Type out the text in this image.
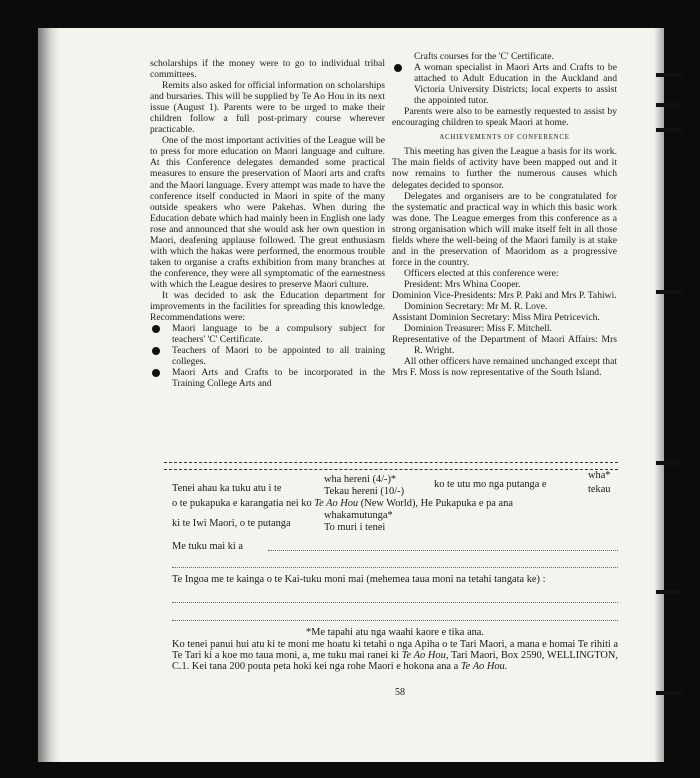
scholarships if the money were to go to individual tribal committees.

Remits also asked for official information on scholarships and bursaries. This will be supplied by Te Ao Hou in its next issue (August 1). Parents were to be urged to make their children follow a full post-primary course wherever practicable.

One of the most important activities of the League will be to press for more education on Maori language and culture. At this Conference delegates demanded some practical measures to ensure the preservation of Maori arts and crafts and the Maori language. Every attempt was made to have the conference itself conducted in Maori in spite of the many outside speakers who were Pakehas. When during the Education debate which had mainly been in English one lady rose and announced that she would ask her own question in Maori, deafening applause followed. The great enthusiasm with which the hakas were performed, the enormous trouble taken to organise a crafts exhibition from many branches at the conference, they were all symptomatic of the earnestness with which the League desires to preserve Maori culture.

It was decided to ask the Education department for improvements in the facilities for spreading this knowledge. Recommendations were:

Maori language to be a compulsory subject for teachers' 'C' Certificate.
Teachers of Maori to be appointed to all training colleges.
Maori Arts and Crafts to be incorporated in the Training College Arts and
Crafts courses for the 'C' Certificate.
A woman specialist in Maori Arts and Crafts to be attached to Adult Education in the Auckland and Victoria University Districts; local experts to assist the appointed tutor.

Parents were also to be earnestly requested to assist by encouraging children to speak Maori at home.

ACHIEVEMENTS OF CONFERENCE

This meeting has given the League a basis for its work. The main fields of activity have been mapped out and it now remains to further the numerous causes which delegates decided to sponsor.

Delegates and organisers are to be congratulated for the systematic and practical way in which this basic work was done. The League emerges from this conference as a strong organisation which will make itself felt in all those fields where the well-being of the Maori family is at stake and in the preservation of Maoridom as a progressive force in the country.

Officers elected at this conference were:

President: Mrs Whina Cooper.

Dominion Vice-Presidents: Mrs P. Paki and Mrs P. Tahiwi.

Dominion Secretary: Mr M. R. Love.

Assistant Dominion Secretary: Miss Mira Petricevich.

Dominion Treasurer: Miss F. Mitchell.

Representative of the Department of Maori Affairs: Mrs R. Wright.

All other officers have remained unchanged except that Mrs F. Moss is now representative of the South Island.

Tenei ahau ka tuku atu i te
wha hereni (4/-)*
Tekau hereni (10/-)
ko te utu mo nga putanga e
wha*
tekau
o te pukapuka e karangatia nei ko Te Ao Hou (New World), He Pukapuka e pa ana
ki te Iwi Maori, o te putanga
whakamutunga*
To muri i tenei
Me tuku mai ki a
Te Ingoa me te kainga o te Kai-tuku moni mai (mehemea taua moni na tetahi tangata ke) :
*Me tapahi atu nga waahi kaore e tika ana.
Ko tenei panui hui atu ki te moni me hoatu ki tetahi o nga Apiha o te Tari Maori, a mana e homai Te rihiti a Te Tari ki a koe mo taua moni, a, me tuku mai ranei ki Te Ao Hou, Tari Maori, Box 2590, WELLINGTON, C.1. Kei tana 200 pouta peta hoki kei nga rohe Maori e hokona ana a Te Ao Hou.
58
